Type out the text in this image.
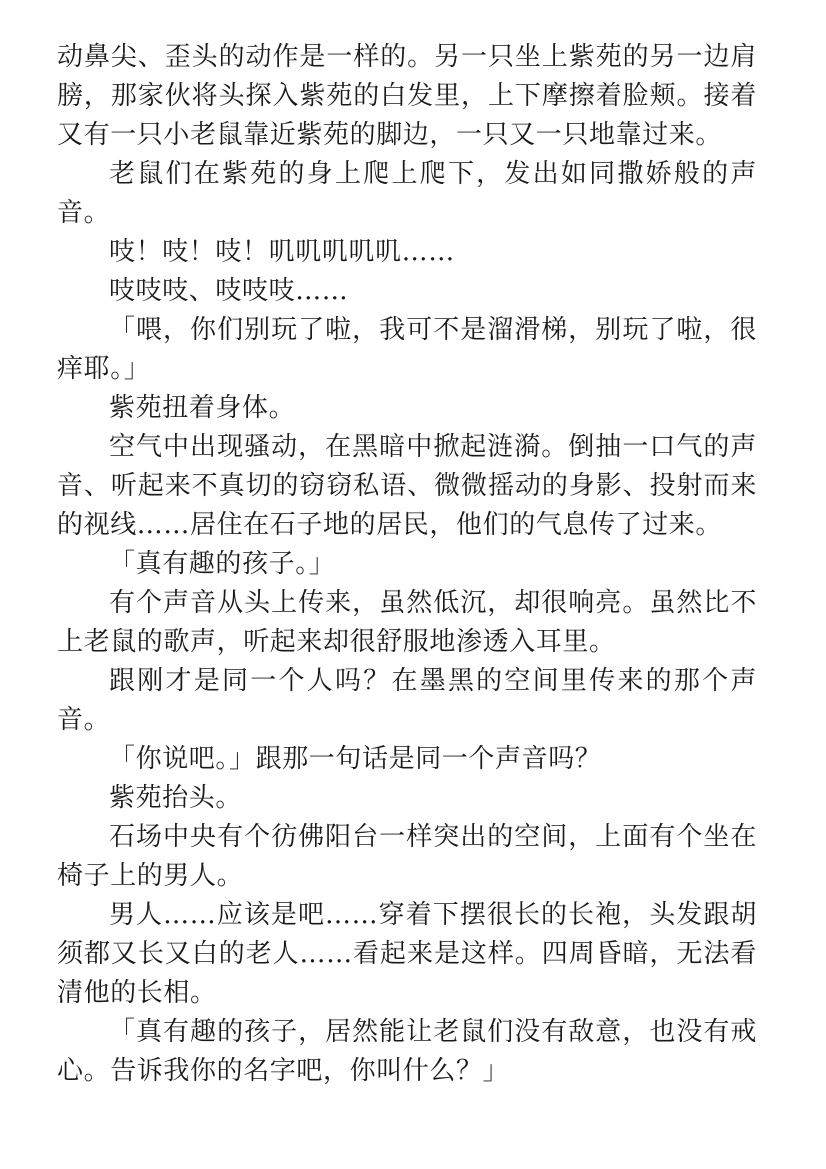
动鼻尖、歪头的动作是一样的。另一只坐上紫苑的另一边肩膀，那家伙将头探入紫苑的白发里，上下摩擦着脸颊。接着又有一只小老鼠靠近紫苑的脚边，一只又一只地靠过来。

老鼠们在紫苑的身上爬上爬下，发出如同撒娇般的声音。

吱！吱！吱！叽叽叽叽叽……

吱吱吱、吱吱吱……

「喂，你们别玩了啦，我可不是溜滑梯，别玩了啦，很痒耶。」

紫苑扭着身体。

空气中出现骚动，在黑暗中掀起涟漪。倒抽一口气的声音、听起来不真切的窃窃私语、微微摇动的身影、投射而来的视线……居住在石子地的居民，他们的气息传了过来。

「真有趣的孩子。」

有个声音从头上传来，虽然低沉，却很响亮。虽然比不上老鼠的歌声，听起来却很舒服地渗透入耳里。

跟刚才是同一个人吗？在墨黑的空间里传来的那个声音。

「你说吧。」跟那一句话是同一个声音吗？

紫苑抬头。

石场中央有个彷佛阳台一样突出的空间，上面有个坐在椅子上的男人。

男人……应该是吧……穿着下摆很长的长袍，头发跟胡须都又长又白的老人……看起来是这样。四周昏暗，无法看清他的长相。

「真有趣的孩子，居然能让老鼠们没有敌意，也没有戒心。告诉我你的名字吧，你叫什么？」
